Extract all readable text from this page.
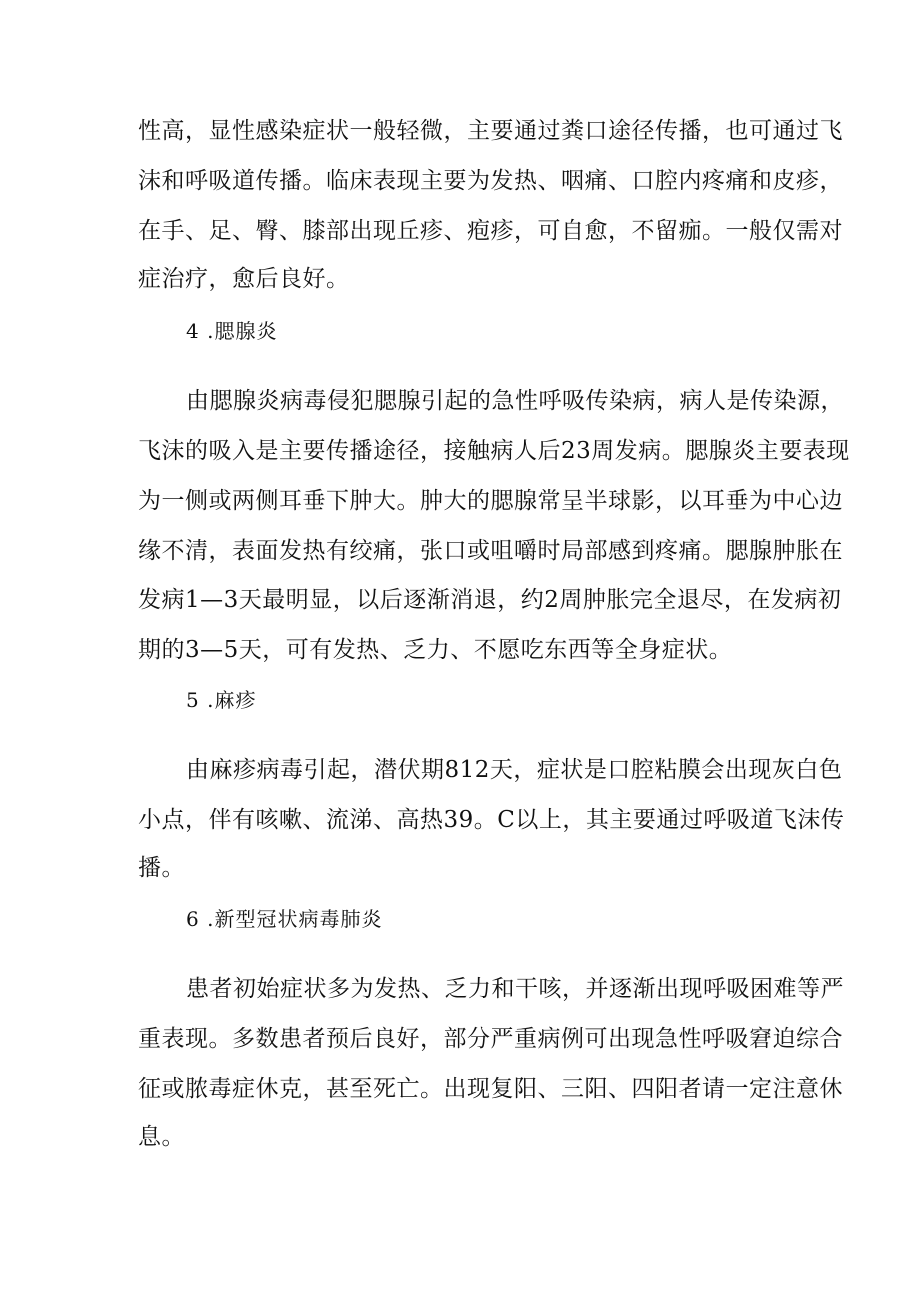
性高，显性感染症状一般轻微，主要通过粪口途径传播，也可通过飞
沫和呼吸道传播。临床表现主要为发热、咽痛、口腔内疼痛和皮疹，
在手、足、臀、膝部出现丘疹、疱疹，可自愈，不留痂。一般仅需对
症治疗，愈后良好。
4 .腮腺炎
由腮腺炎病毒侵犯腮腺引起的急性呼吸传染病，病人是传染源，
飞沫的吸入是主要传播途径，接触病人后23周发病。腮腺炎主要表现
为一侧或两侧耳垂下肿大。肿大的腮腺常呈半球影，以耳垂为中心边
缘不清，表面发热有绞痛，张口或咀嚼时局部感到疼痛。腮腺肿胀在
发病1—3天最明显，以后逐渐消退，约2周肿胀完全退尽，在发病初
期的3—5天，可有发热、乏力、不愿吃东西等全身症状。
5 .麻疹
由麻疹病毒引起，潜伏期812天，症状是口腔粘膜会出现灰白色
小点，伴有咳嗽、流涕、高热39。C以上，其主要通过呼吸道飞沫传
播。
6 .新型冠状病毒肺炎
患者初始症状多为发热、乏力和干咳，并逐渐出现呼吸困难等严
重表现。多数患者预后良好，部分严重病例可出现急性呼吸窘迫综合
征或脓毒症休克，甚至死亡。出现复阳、三阳、四阳者请一定注意休
息。
